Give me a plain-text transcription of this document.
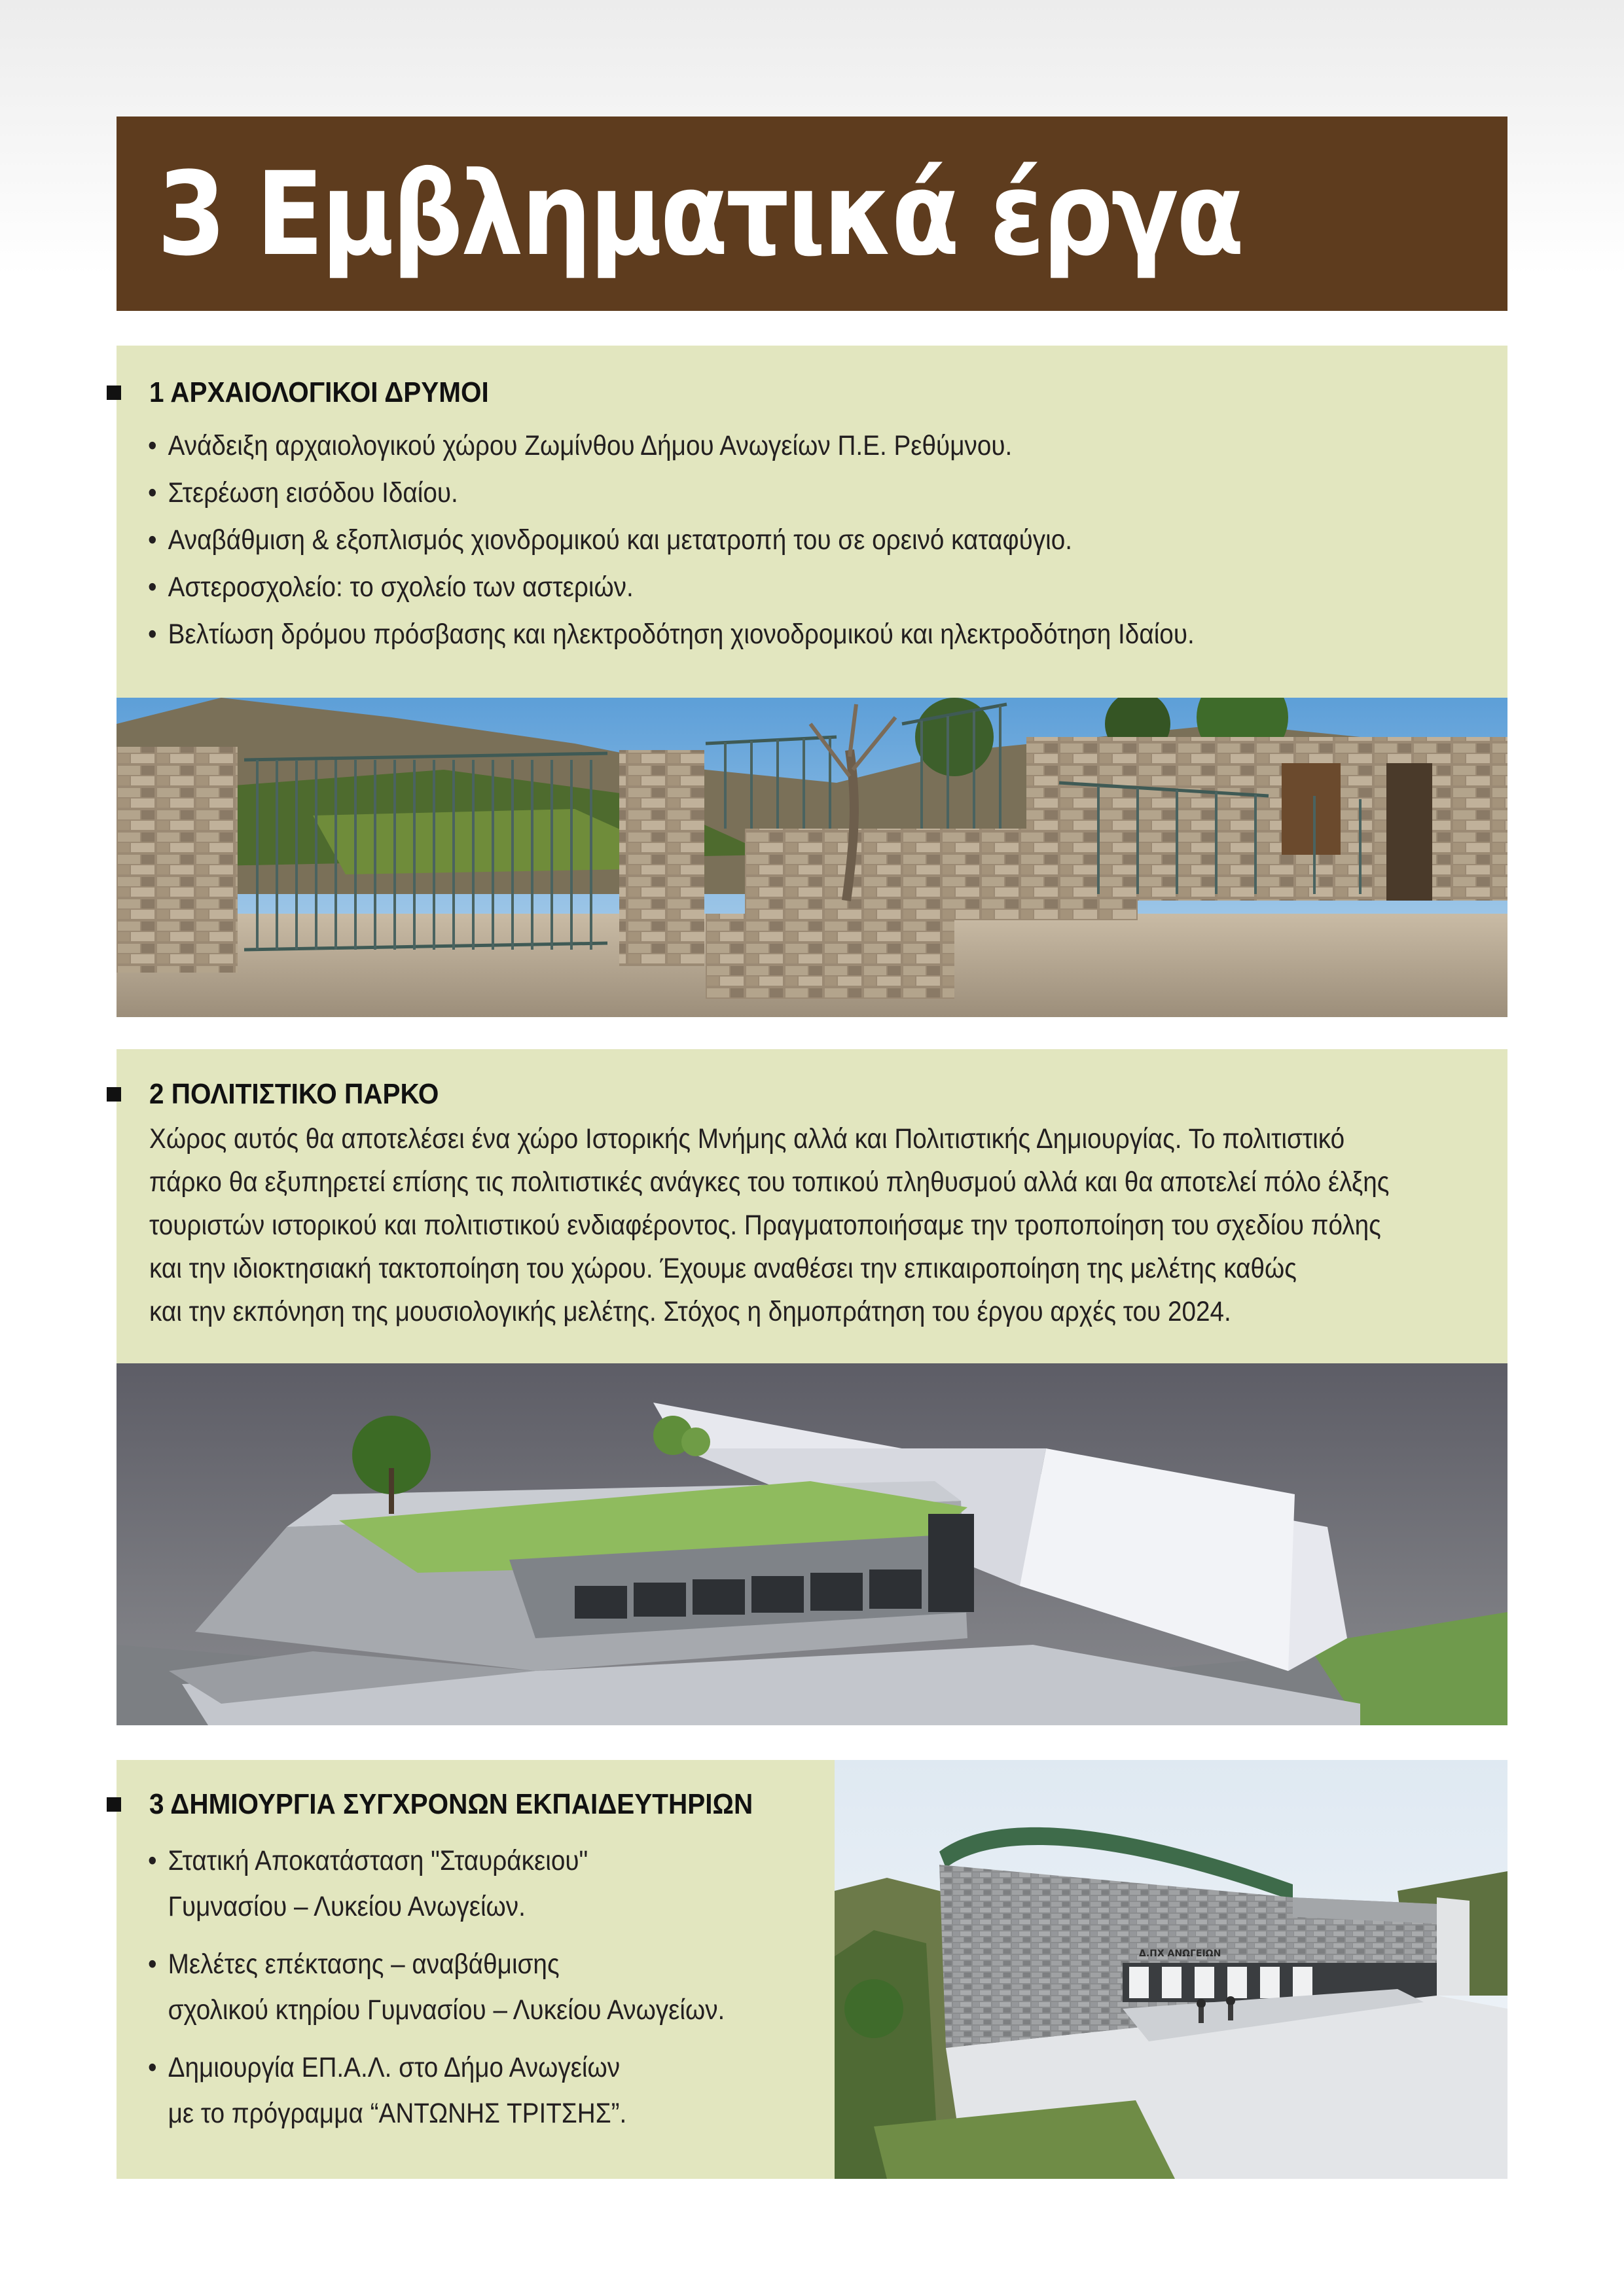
3 Εμβληματικά έργα
1 ΑΡΧΑΙΟΛΟΓΙΚΟΙ ΔΡΥΜΟΙ
• Ανάδειξη αρχαιολογικού χώρου Ζωμίνθου Δήμου Ανωγείων Π.Ε. Ρεθύμνου.
• Στερέωση εισόδου Ιδαίου.
• Αναβάθμιση & εξοπλισμός χιονδρομικού και μετατροπή του σε ορεινό καταφύγιο.
• Αστεροσχολείο: το σχολείο των αστεριών.
• Βελτίωση δρόμου πρόσβασης και ηλεκτροδότηση χιονοδρομικού και ηλεκτροδότηση Ιδαίου.
2 ΠΟΛΙΤΙΣΤΙΚΟ ΠΑΡΚΟ
Χώρος αυτός θα αποτελέσει ένα χώρο Ιστορικής Μνήμης αλλά και Πολιτιστικής Δημιουργίας. Το πολιτιστικό
πάρκο θα εξυπηρετεί επίσης τις πολιτιστικές ανάγκες του τοπικού πληθυσμού αλλά και θα αποτελεί πόλο έλξης
τουριστών ιστορικού και πολιτιστικού ενδιαφέροντος. Πραγματοποιήσαμε την τροποποίηση του σχεδίου πόλης
και την ιδιοκτησιακή τακτοποίηση του χώρου. Έχουμε αναθέσει την επικαιροποίηση της μελέτης καθώς
και την εκπόνηση της μουσιολογικής μελέτης. Στόχος η δημοπράτηση του έργου αρχές του 2024.
3 ΔΗΜΙΟΥΡΓΙΑ ΣΥΓΧΡΟΝΩΝ ΕΚΠΑΙΔΕΥΤΗΡΙΩΝ
• Στατική Αποκατάσταση "Σταυράκειου"
Γυμνασίου – Λυκείου Ανωγείων.
• Μελέτες επέκτασης – αναβάθμισης
σχολικού κτηρίου Γυμνασίου – Λυκείου Ανωγείων.
• Δημιουργία ΕΠ.Α.Λ. στο Δήμο Ανωγείων
με το πρόγραμμα “ΑΝΤΩΝΗΣ ΤΡΙΤΣΗΣ”.
Δ.ΠΧ ΑΝΩΓΕΙΩΝ
